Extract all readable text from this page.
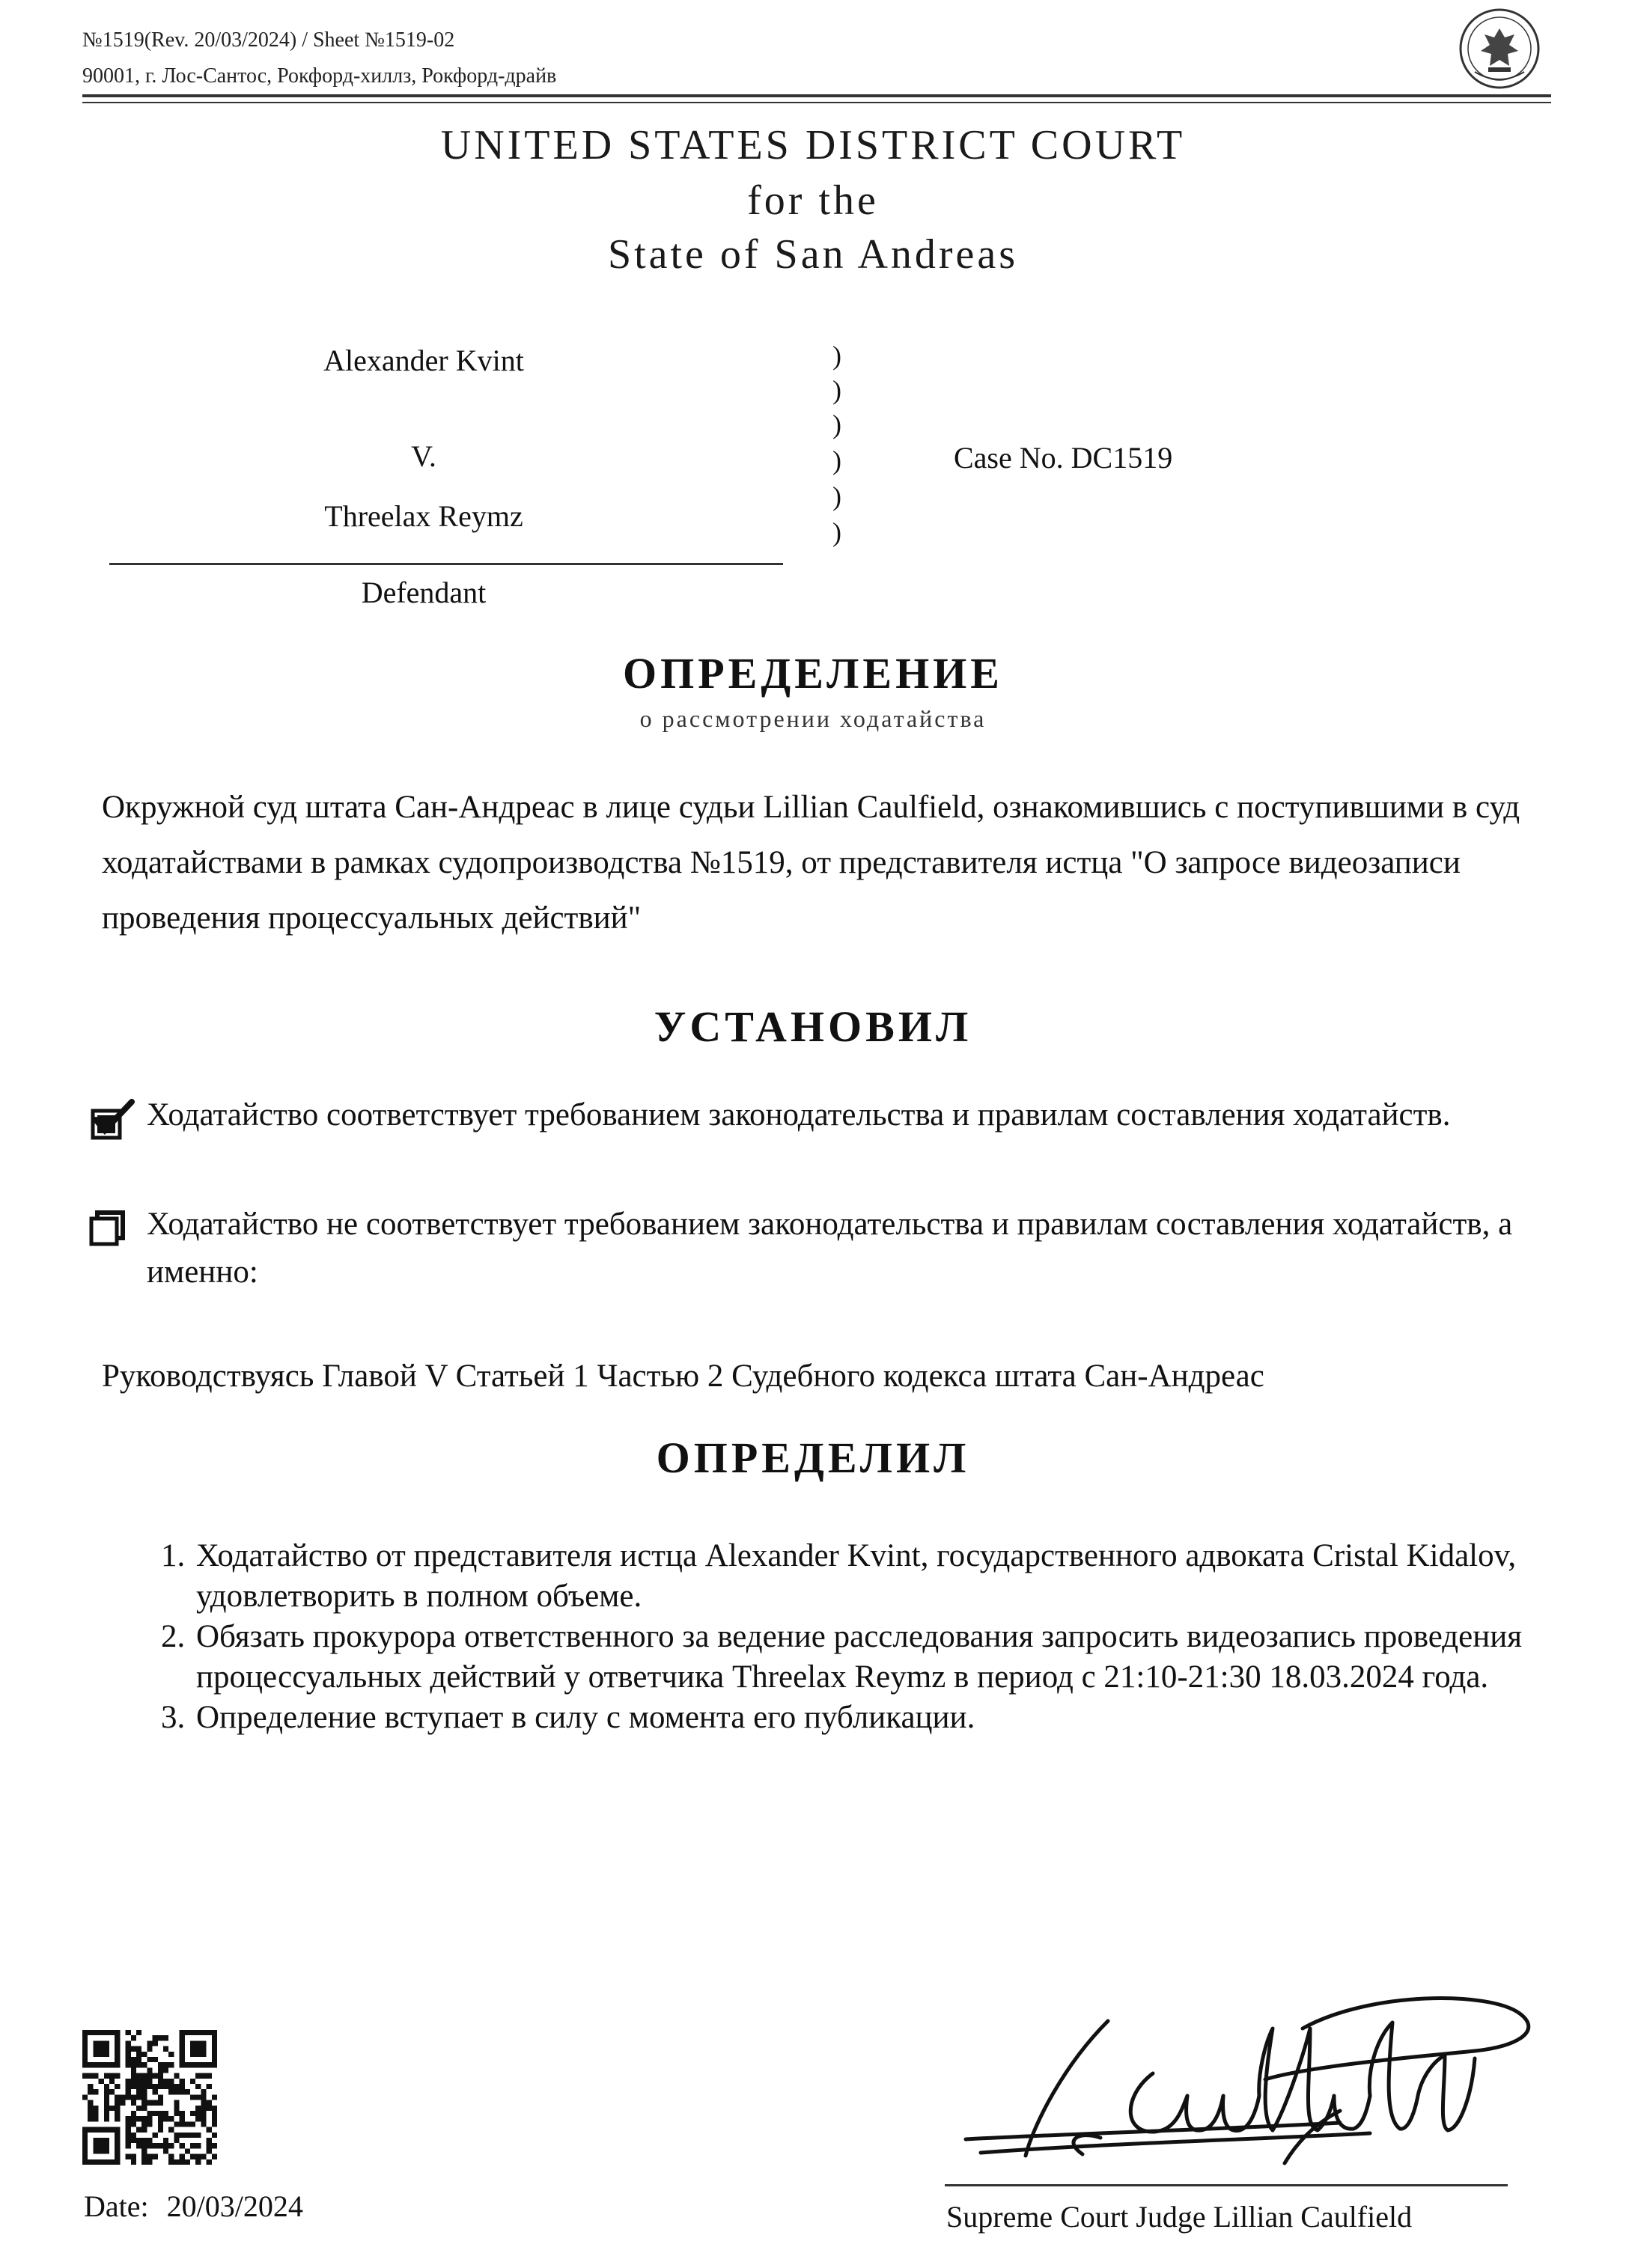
№1519(Rev. 20/03/2024) / Sheet №1519-02
90001, г. Лос-Сантос, Рокфорд-хиллз, Рокфорд-драйв
UNITED STATES DISTRICT COURT
for the
State of San Andreas
Alexander Kvint
V.
Threelax Reymz
Defendant
)
)
)
)
)
)
Case No. DC1519
ОПРЕДЕЛЕНИЕ
о рассмотрении ходатайства
Окружной суд штата Сан-Андреас в лице судьи Lillian Caulfield, ознакомившись с поступившими в суд ходатайствами в рамках судопроизводства №1519, от представителя истца "О запросе видеозаписи проведения процессуальных действий"
УСТАНОВИЛ
Ходатайство соответствует требованием законодательства и правилам составления ходатайств.
Ходатайство не соответствует требованием законодательства и правилам составления ходатайств, а именно:
Руководствуясь Главой V Статьей 1 Частью 2 Судебного кодекса штата Сан-Андреас
ОПРЕДЕЛИЛ
1. Ходатайство от представителя истца Alexander Kvint, государственного адвоката Cristal Kidalov, удовлетворить в полном объеме.
2. Обязать прокурора ответственного за ведение расследования запросить видеозапись проведения процессуальных действий у ответчика Threelax Reymz в период с 21:10-21:30 18.03.2024 года.
3. Определение вступает в силу с момента его публикации.
Date: 20/03/2024	Supreme Court Judge Lillian Caulfield
